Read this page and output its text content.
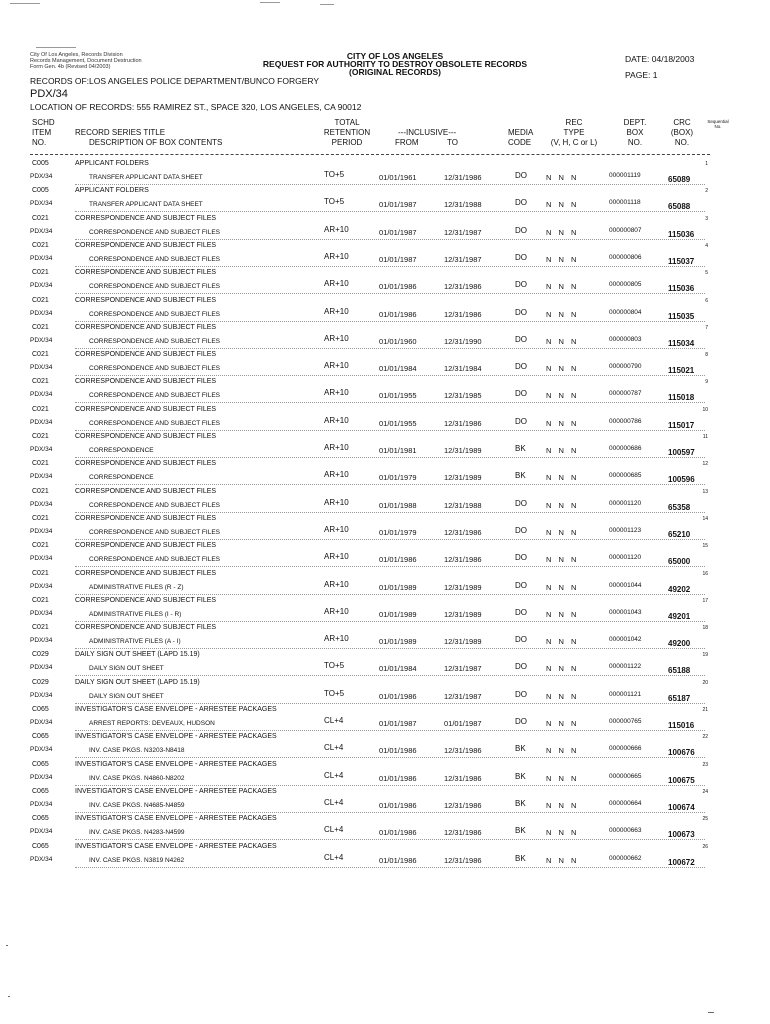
City Of Los Angeles, Records Division
Records Management, Document Destruction
Form Gen. 4b (Revised 04/2003)
CITY OF LOS ANGELES
REQUEST FOR AUTHORITY TO DESTROY OBSOLETE RECORDS
(ORIGINAL RECORDS)
DATE: 04/18/2003
PAGE: 1
RECORDS OF:LOS ANGELES POLICE DEPARTMENT/BUNCO FORGERY
PDX/34
LOCATION OF RECORDS: 555 RAMIREZ ST., SPACE 320, LOS ANGELES, CA 90012
SCHD
ITEM
NO.
RECORD SERIES TITLE
DESCRIPTION OF BOX CONTENTS
TOTAL
RETENTION
PERIOD
---INCLUSIVE---
FROM	TO
MEDIA
CODE
REC
TYPE
(V, H, C or L)
DEPT.
BOX
NO.
CRC
(BOX)
NO.
Sequential
No.
C005	APPLICANT FOLDERS
PDX/34	TRANSFER APPLICANT DATA SHEET	TO+5	01/01/1961	12/31/1986	DO	N N N	000001119	65089
1
C005	APPLICANT FOLDERS
PDX/34	TRANSFER APPLICANT DATA SHEET	TO+5	01/01/1987	12/31/1988	DO	N N N	000001118	65088
2
C021	CORRESPONDENCE AND SUBJECT FILES
PDX/34	CORRESPONDENCE AND SUBJECT FILES	AR+10	01/01/1987	12/31/1987	DO	N N N	000000807	115036
3
C021	CORRESPONDENCE AND SUBJECT FILES
PDX/34	CORRESPONDENCE AND SUBJECT FILES	AR+10	01/01/1987	12/31/1987	DO	N N N	000000806	115037
4
C021	CORRESPONDENCE AND SUBJECT FILES
PDX/34	CORRESPONDENCE AND SUBJECT FILES	AR+10	01/01/1986	12/31/1986	DO	N N N	000000805	115036
5
C021	CORRESPONDENCE AND SUBJECT FILES
PDX/34	CORRESPONDENCE AND SUBJECT FILES	AR+10	01/01/1986	12/31/1986	DO	N N N	000000804	115035
6
C021	CORRESPONDENCE AND SUBJECT FILES
PDX/34	CORRESPONDENCE AND SUBJECT FILES	AR+10	01/01/1960	12/31/1990	DO	N N N	000000803	115034
7
C021	CORRESPONDENCE AND SUBJECT FILES
PDX/34	CORRESPONDENCE AND SUBJECT FILES	AR+10	01/01/1984	12/31/1984	DO	N N N	000000790	115021
8
C021	CORRESPONDENCE AND SUBJECT FILES
PDX/34	CORRESPONDENCE AND SUBJECT FILES	AR+10	01/01/1955	12/31/1985	DO	N N N	000000787	115018
9
C021	CORRESPONDENCE AND SUBJECT FILES
PDX/34	CORRESPONDENCE AND SUBJECT FILES	AR+10	01/01/1955	12/31/1986	DO	N N N	000000786	115017
10
C021	CORRESPONDENCE AND SUBJECT FILES
PDX/34	CORRESPONDENCE	AR+10	01/01/1981	12/31/1989	BK	N N N	000000686	100597
11
C021	CORRESPONDENCE AND SUBJECT FILES
PDX/34	CORRESPONDENCE	AR+10	01/01/1979	12/31/1989	BK	N N N	000000685	100596
12
C021	CORRESPONDENCE AND SUBJECT FILES
PDX/34	CORRESPONDENCE AND SUBJECT FILES	AR+10	01/01/1988	12/31/1988	DO	N N N	000001120	65358
13
C021	CORRESPONDENCE AND SUBJECT FILES
PDX/34	CORRESPONDENCE AND SUBJECT FILES	AR+10	01/01/1979	12/31/1986	DO	N N N	000001123	65210
14
C021	CORRESPONDENCE AND SUBJECT FILES
PDX/34	CORRESPONDENCE AND SUBJECT FILES	AR+10	01/01/1986	12/31/1986	DO	N N N	000001120	65000
15
C021	CORRESPONDENCE AND SUBJECT FILES
PDX/34	ADMINISTRATIVE FILES (R - Z)	AR+10	01/01/1989	12/31/1989	DO	N N N	000001044	49202
16
C021	CORRESPONDENCE AND SUBJECT FILES
PDX/34	ADMINISTRATIVE FILES (I - R)	AR+10	01/01/1989	12/31/1989	DO	N N N	000001043	49201
17
C021	CORRESPONDENCE AND SUBJECT FILES
PDX/34	ADMINISTRATIVE FILES (A - I)	AR+10	01/01/1989	12/31/1989	DO	N N N	000001042	49200
18
C029	DAILY SIGN OUT SHEET (LAPD 15.19)
PDX/34	DAILY SIGN OUT SHEET	TO+5	01/01/1984	12/31/1987	DO	N N N	000001122	65188
19
C029	DAILY SIGN OUT SHEET (LAPD 15.19)
PDX/34	DAILY SIGN OUT SHEET	TO+5	01/01/1986	12/31/1987	DO	N N N	000001121	65187
20
C065	INVESTIGATOR'S CASE ENVELOPE - ARRESTEE PACKAGES
PDX/34	ARREST REPORTS: DEVEAUX, HUDSON	CL+4	01/01/1987	01/01/1987	DO	N N N	000000765	115016
21
C065	INVESTIGATOR'S CASE ENVELOPE - ARRESTEE PACKAGES
PDX/34	INV. CASE PKGS. N3203-N8418	CL+4	01/01/1986	12/31/1986	BK	N N N	000000666	100676
22
C065	INVESTIGATOR'S CASE ENVELOPE - ARRESTEE PACKAGES
PDX/34	INV. CASE PKGS. N4860-N8202	CL+4	01/01/1986	12/31/1986	BK	N N N	000000665	100675
23
C065	INVESTIGATOR'S CASE ENVELOPE - ARRESTEE PACKAGES
PDX/34	INV. CASE PKGS. N4685-N4859	CL+4	01/01/1986	12/31/1986	BK	N N N	000000664	100674
24
C065	INVESTIGATOR'S CASE ENVELOPE - ARRESTEE PACKAGES
PDX/34	INV. CASE PKGS. N4283-N4599	CL+4	01/01/1986	12/31/1986	BK	N N N	000000663	100673
25
C065	INVESTIGATOR'S CASE ENVELOPE - ARRESTEE PACKAGES
PDX/34	INV. CASE PKGS. N3819 N4262	CL+4	01/01/1986	12/31/1986	BK	N N N	000000662	100672
26
